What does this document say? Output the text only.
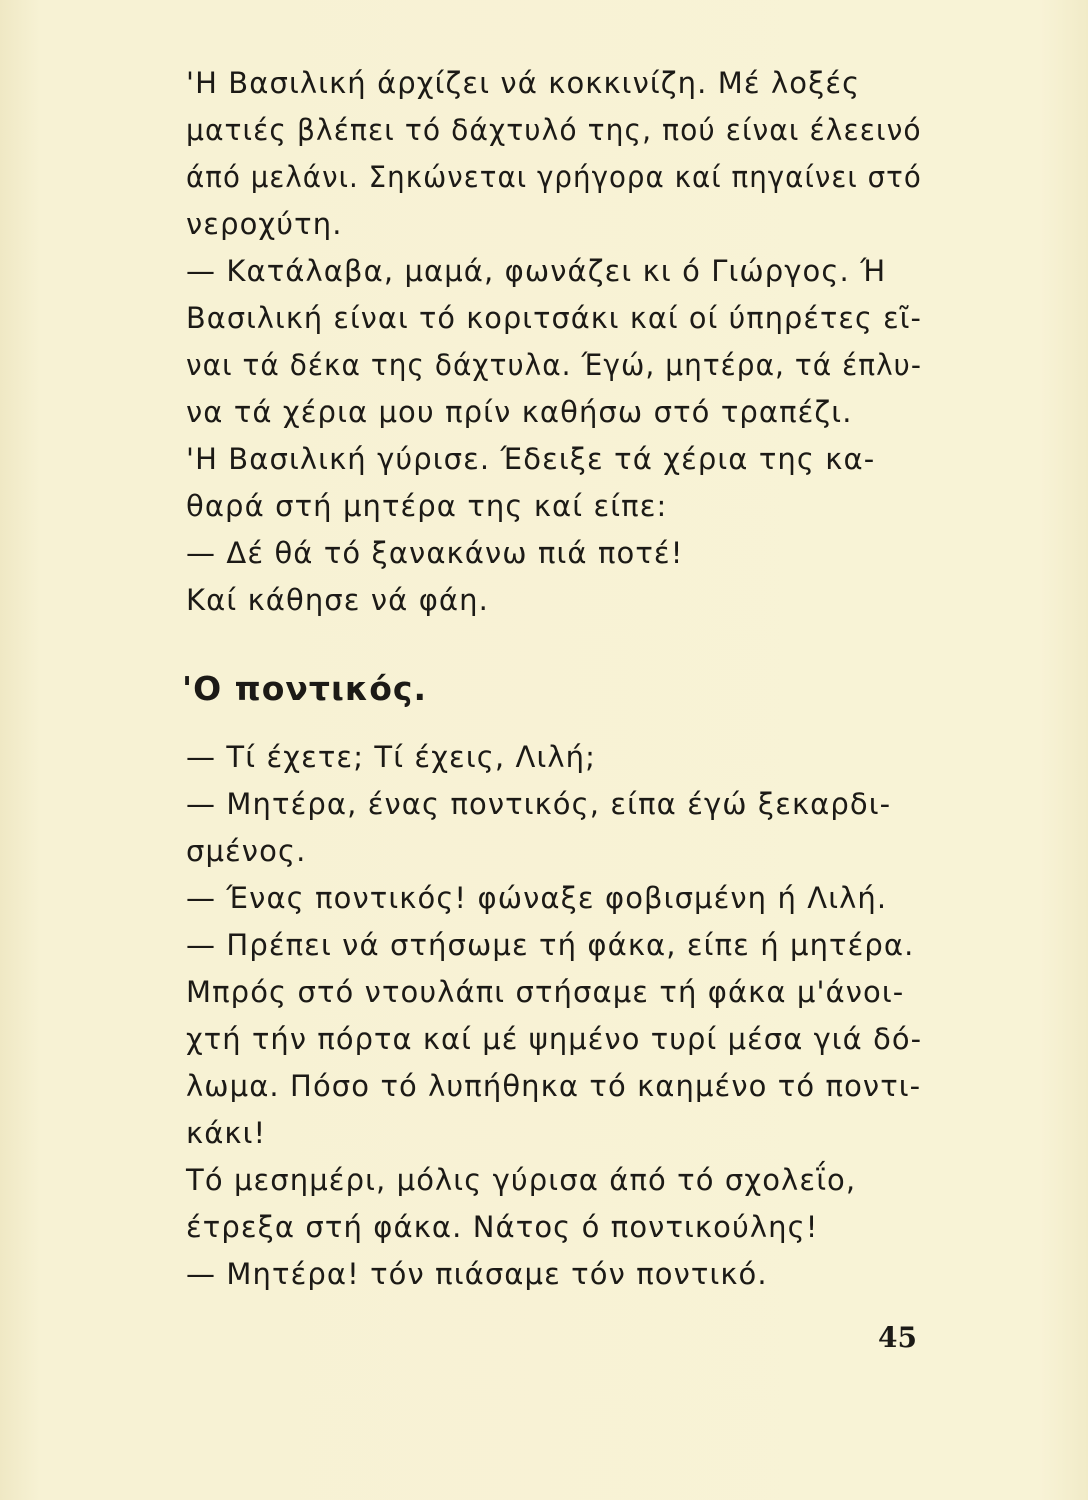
'Η Βασιλική άρχίζει νά κοκκινίζη. Μέ λοξές
ματιές βλέπει τό δάχτυλό της, πού είναι έλεεινό
άπό μελάνι. Σηκώνεται γρήγορα καί πηγαίνει στό
νεροχύτη.
— Κατάλαβα, μαμά, φωνάζει κι ό Γιώργος. Ή
Βασιλική είναι τό κοριτσάκι καί οί ύπηρέτες εῖ-
ναι τά δέκα της δάχτυλα. Έγώ, μητέρα, τά έπλυ-
να τά χέρια μου πρίν καθήσω στό τραπέζι.
'Η Βασιλική γύρισε. Έδειξε τά χέρια της κα-
θαρά στή μητέρα της καί είπε:
— Δέ θά τό ξανακάνω πιά ποτέ!
Καί κάθησε νά φάη.
'Ο ποντικός.
— Τί έχετε; Τί έχεις, Λιλή;
— Μητέρα, ένας ποντικός, είπα έγώ ξεκαρδι-
σμένος.
— Ένας ποντικός! φώναξε φοβισμένη ή Λιλή.
— Πρέπει νά στήσωμε τή φάκα, είπε ή μητέρα.
Μπρός στό ντουλάπι στήσαμε τή φάκα μ'άνοι-
χτή τήν πόρτα καί μέ ψημένο τυρί μέσα γιά δό-
λωμα. Πόσο τό λυπήθηκα τό καημένο τό ποντι-
κάκι!
Τό μεσημέρι, μόλις γύρισα άπό τό σχολεΐο,
έτρεξα στή φάκα. Νάτος ό ποντικούλης!
— Μητέρα! τόν πιάσαμε τόν ποντικό.
45
